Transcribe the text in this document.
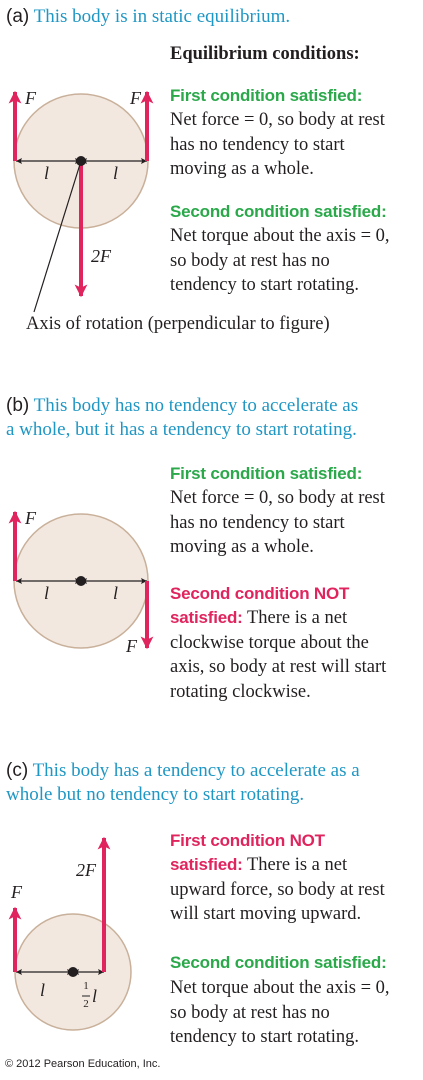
(a) This body is in static equilibrium.
Equilibrium conditions:
First condition satisfied:
Net force = 0, so body at rest
has no tendency to start
moving as a whole.
Second condition satisfied:
Net torque about the axis = 0,
so body at rest has no
tendency to start rotating.
F	F
2F
l	l
Axis of rotation (perpendicular to figure)
(b) This body has no tendency to accelerate as
a whole, but it has a tendency to start rotating.
First condition satisfied:
Net force = 0, so body at rest
has no tendency to start
moving as a whole.
Second condition NOT
satisfied: There is a net
clockwise torque about the
axis, so body at rest will start
rotating clockwise.
F
F
l	l
(c) This body has a tendency to accelerate as a
whole but no tendency to start rotating.
First condition NOT
satisfied: There is a net
upward force, so body at rest
will start moving upward.
Second condition satisfied:
Net torque about the axis = 0,
so body at rest has no
tendency to start rotating.
F
2F
l	1
2 l
© 2012 Pearson Education, Inc.
